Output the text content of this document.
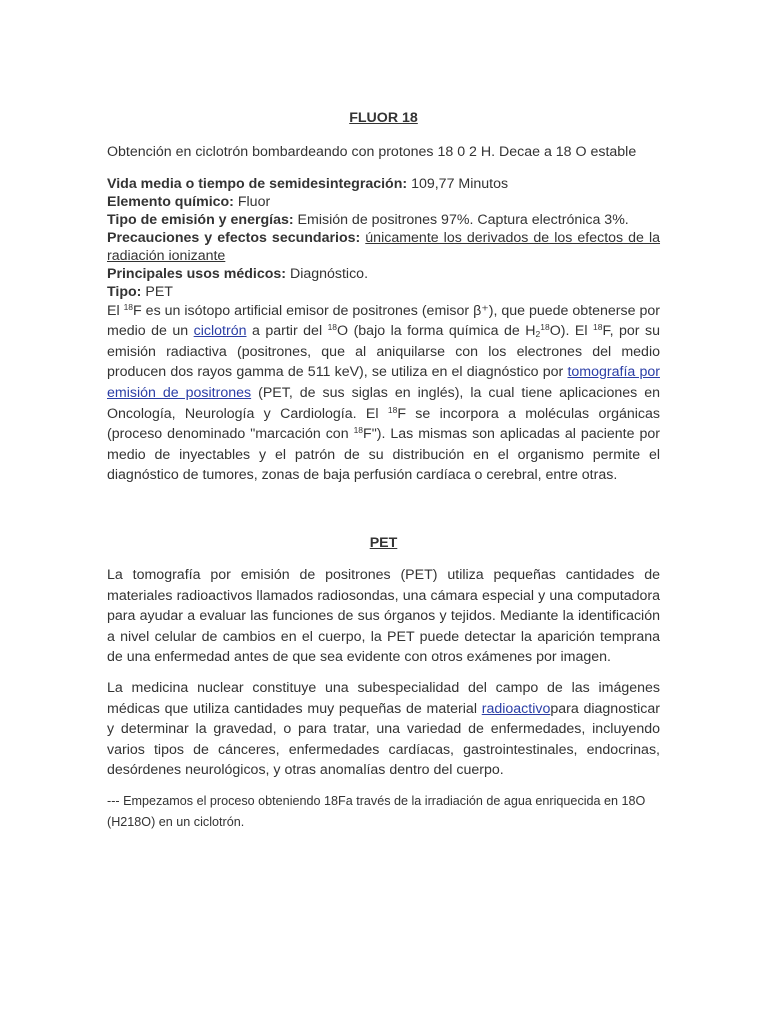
FLUOR 18

Obtención en ciclotrón bombardeando con protones 18 0 2 H. Decae a 18 O estable

Vida media o tiempo de semidesintegración: 109,77 Minutos
Elemento químico: Fluor
Tipo de emisión y energías: Emisión de positrones 97%. Captura electrónica 3%.
Precauciones y efectos secundarios: únicamente los derivados de los efectos de la radiación ionizante
Principales usos médicos: Diagnóstico.
Tipo: PET

El $^{18}$F es un isótopo artificial emisor de positrones (emisor β⁺), que puede obtenerse por medio de un ciclotrón a partir del $^{18}$O (bajo la forma química de $H_2^{18}O$). El $^{18}$F, por su emisión radiactiva (positrones, que al aniquilarse con los electrones del medio producen dos rayos gamma de 511 keV), se utiliza en el diagnóstico por tomografía por emisión de positrones (PET, de sus siglas en inglés), la cual tiene aplicaciones en Oncología, Neurología y Cardiología. El $^{18}$F se incorpora a moléculas orgánicas (proceso denominado "marcación con $^{18}$F"). Las mismas son aplicadas al paciente por medio de inyectables y el patrón de su distribución en el organismo permite el diagnóstico de tumores, zonas de baja perfusión cardíaca o cerebral, entre otras.

PET

La tomografía por emisión de positrones (PET) utiliza pequeñas cantidades de materiales radioactivos llamados radiosondas, una cámara especial y una computadora para ayudar a evaluar las funciones de sus órganos y tejidos. Mediante la identificación a nivel celular de cambios en el cuerpo, la PET puede detectar la aparición temprana de una enfermedad antes de que sea evidente con otros exámenes por imagen.

La medicina nuclear constituye una subespecialidad del campo de las imágenes médicas que utiliza cantidades muy pequeñas de material radioactivopara diagnosticar y determinar la gravedad, o para tratar, una variedad de enfermedades, incluyendo varios tipos de cánceres, enfermedades cardíacas, gastrointestinales, endocrinas, desórdenes neurológicos, y otras anomalías dentro del cuerpo.

--- Empezamos el proceso obteniendo 18Fa través de la irradiación de agua enriquecida en 18O (H218O) en un ciclotrón.
